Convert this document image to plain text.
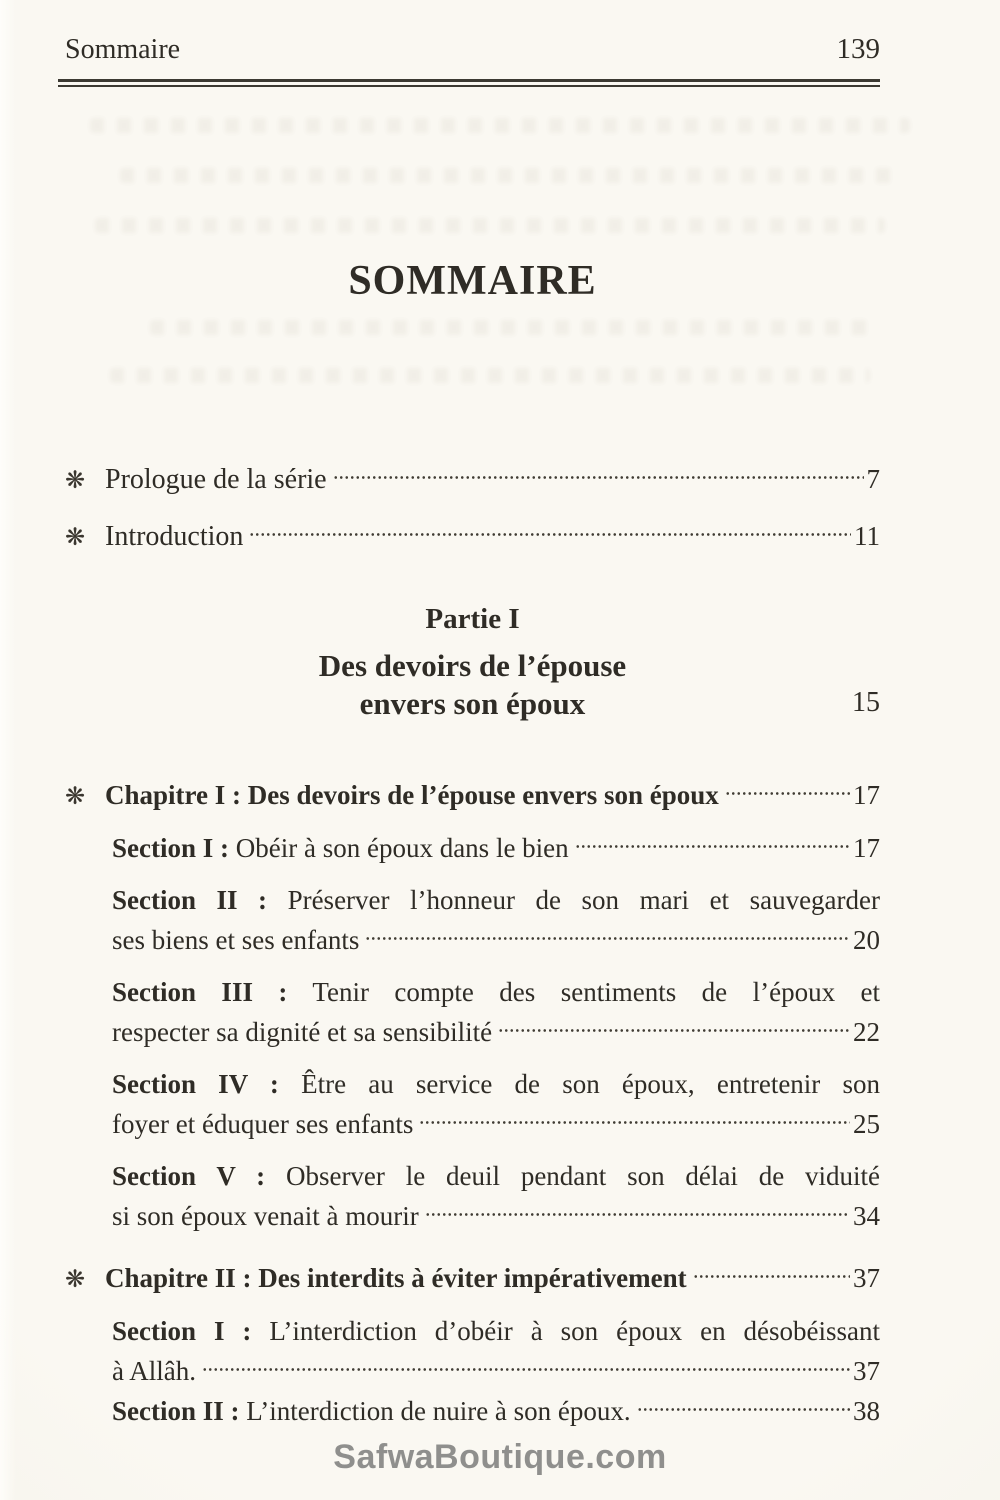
Sommaire	139
SOMMAIRE
❋ Prologue de la série	7
❋ Introduction	11
Partie I
Des devoirs de l’épouse
envers son époux	15
❋ Chapitre I : Des devoirs de l’épouse envers son époux	17
Section I : Obéir à son époux dans le bien	17
Section II : Préserver l’honneur de son mari et sauvegarder
ses biens et ses enfants	20
Section III : Tenir compte des sentiments de l’époux et
respecter sa dignité et sa sensibilité	22
Section IV : Être au service de son époux, entretenir son
foyer et éduquer ses enfants	25
Section V : Observer le deuil pendant son délai de viduité
si son époux venait à mourir	34
❋ Chapitre II : Des interdits à éviter impérativement	37
Section I : L’interdiction d’obéir à son époux en désobéissant
à Allâh.	37
Section II : L’interdiction de nuire à son époux.	38
SafwaBoutique.com
